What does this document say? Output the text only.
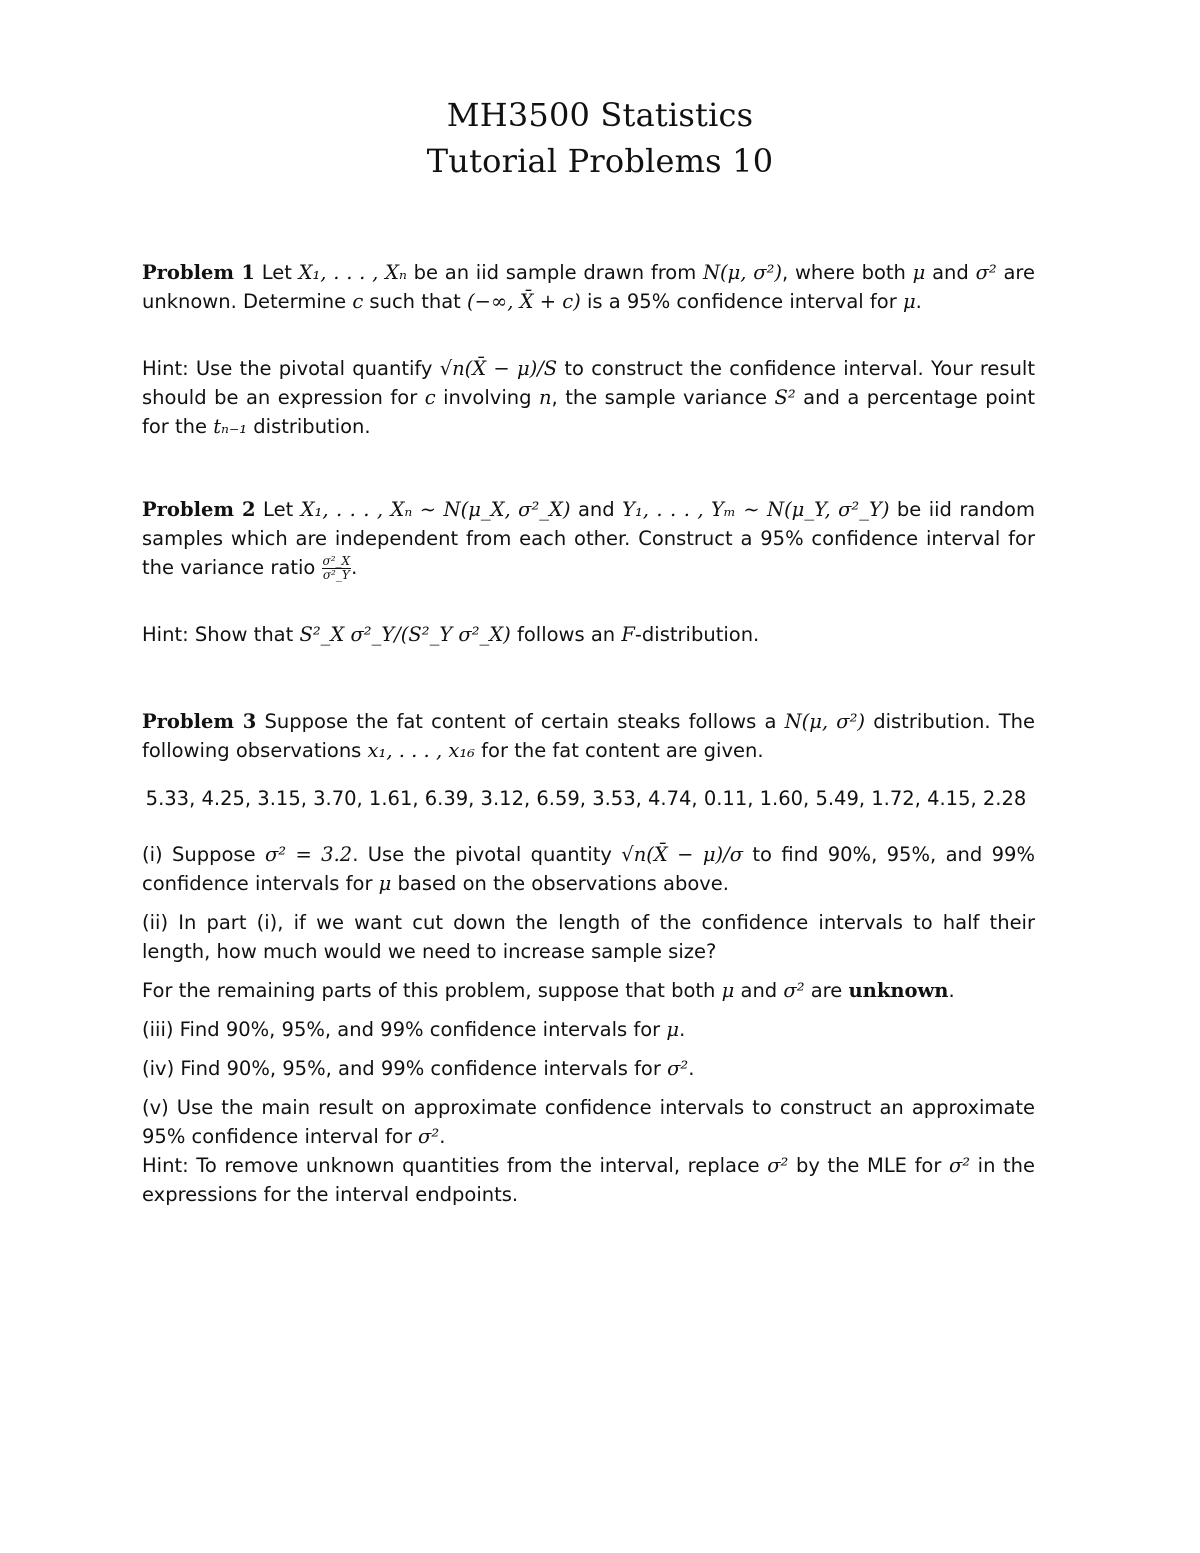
MH3500 Statistics
Tutorial Problems 10

Problem 1 Let X₁, . . . , Xₙ be an iid sample drawn from N(μ, σ²), where both μ and σ² are unknown. Determine c such that (−∞, X̄ + c) is a 95% confidence interval for μ.

Hint: Use the pivotal quantify √n(X̄ − μ)/S to construct the confidence interval. Your result should be an expression for c involving n, the sample variance S² and a percentage point for the tₙ₋₁ distribution.

Problem 2 Let X₁, . . . , Xₙ ∼ N(μ_X, σ²_X) and Y₁, . . . , Yₘ ∼ N(μ_Y, σ²_Y) be iid random samples which are independent from each other. Construct a 95% confidence interval for the variance ratio $\frac{\text{σ²\_X}}{\text{σ²\_Y}}$ .

Hint: Show that S²_X σ²_Y/(S²_Y σ²_X) follows an F-distribution.

Problem 3 Suppose the fat content of certain steaks follows a N(μ, σ²) distribution. The following observations x₁, . . . , x₁₆ for the fat content are given.

5.33, 4.25, 3.15, 3.70, 1.61, 6.39, 3.12, 6.59, 3.53, 4.74, 0.11, 1.60, 5.49, 1.72, 4.15, 2.28

(i) Suppose σ² = 3.2. Use the pivotal quantity √n(X̄ − μ)/σ to find 90%, 95%, and 99% confidence intervals for μ based on the observations above.

(ii) In part (i), if we want cut down the length of the confidence intervals to half their length, how much would we need to increase sample size?

For the remaining parts of this problem, suppose that both μ and σ² are unknown.

(iii) Find 90%, 95%, and 99% confidence intervals for μ.

(iv) Find 90%, 95%, and 99% confidence intervals for σ².

(v) Use the main result on approximate confidence intervals to construct an approximate 95% confidence interval for σ².

Hint: To remove unknown quantities from the interval, replace σ² by the MLE for σ² in the expressions for the interval endpoints.
